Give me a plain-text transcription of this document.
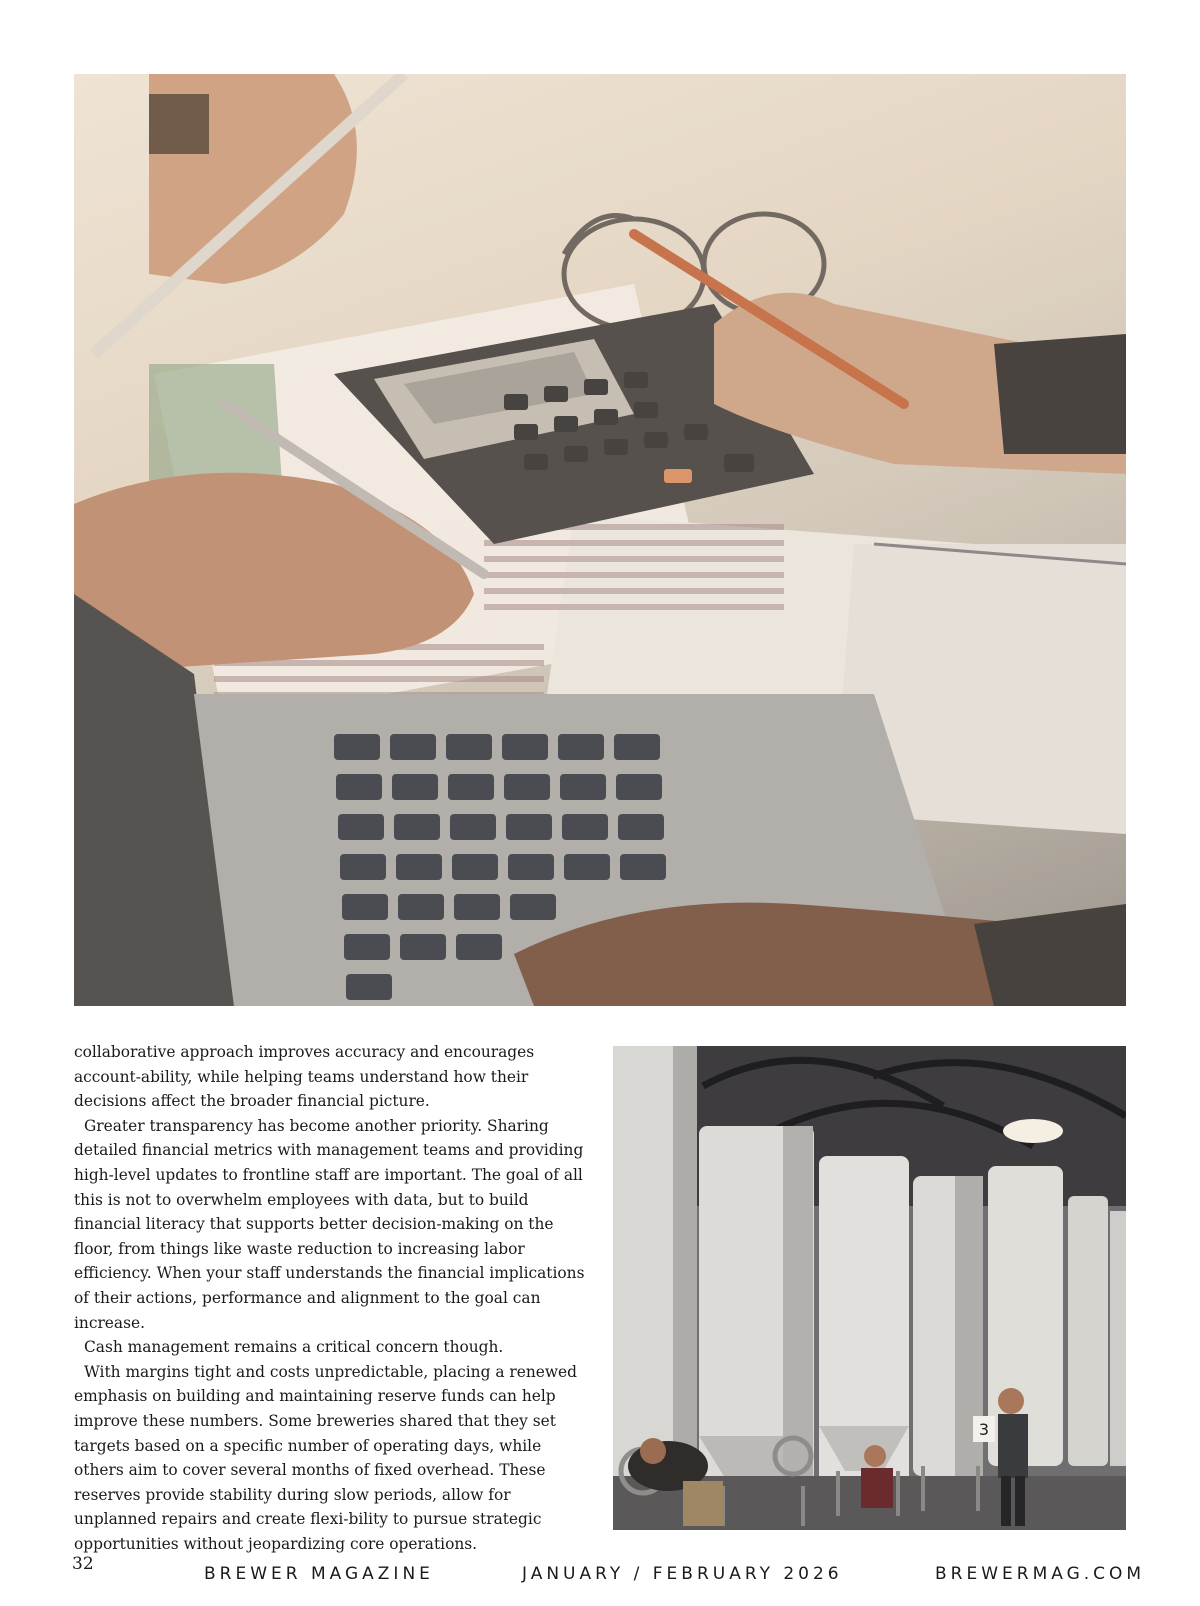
collaborative approach improves accuracy and encourages account-ability, while helping teams understand how their decisions affect the broader financial picture.

Greater transparency has become another priority. Sharing detailed financial metrics with management teams and providing high-level updates to frontline staff are important. The goal of all this is not to overwhelm employees with data, but to build financial literacy that supports better decision-making on the floor, from things like waste reduction to increasing labor efficiency. When your staff understands the financial implications of their actions, performance and alignment to the goal can increase.

Cash management remains a critical concern though.

With margins tight and costs unpredictable, placing a renewed emphasis on building and maintaining reserve funds can help improve these numbers. Some breweries shared that they set targets based on a specific number of operating days, while others aim to cover several months of fixed overhead. These reserves provide stability during slow periods, allow for unplanned repairs and create flexi-bility to pursue strategic opportunities without jeopardizing core operations.

3
32	BREWER MAGAZINE	JANUARY / FEBRUARY 2026	BREWERMAG.COM
